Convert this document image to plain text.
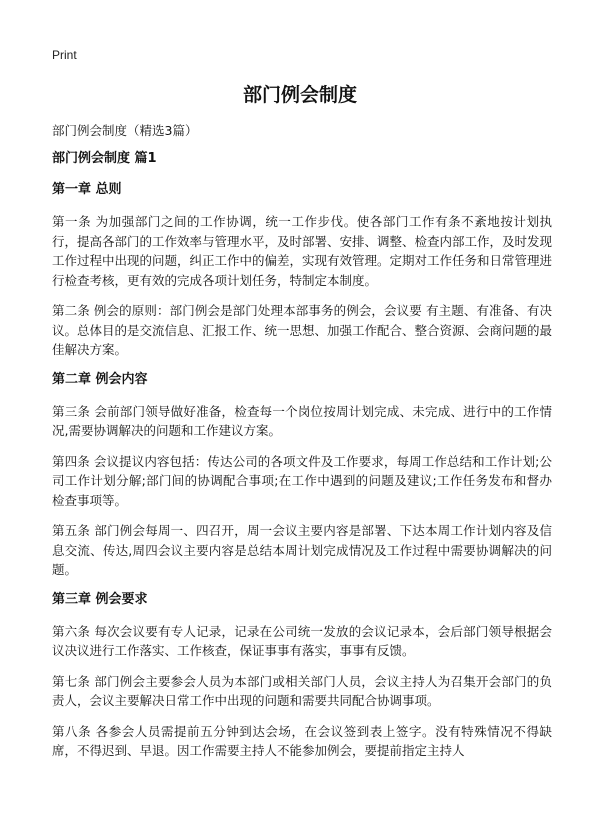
Print
部门例会制度

部门例会制度（精选3篇）

部门例会制度 篇1
第一章 总则

第一条 为加强部门之间的工作协调，统一工作步伐。使各部门工作有条不紊地按计划执行，提高各部门的工作效率与管理水平，及时部署、安排、调整、检查内部工作，及时发现工作过程中出现的问题，纠正工作中的偏差，实现有效管理。定期对工作任务和日常管理进行检查考核，更有效的完成各项计划任务，特制定本制度。

第二条 例会的原则：部门例会是部门处理本部事务的例会，会议要 有主题、有准备、有决议。总体目的是交流信息、汇报工作、统一思想、加强工作配合、整合资源、会商问题的最佳解决方案。

第二章 例会内容

第三条 会前部门领导做好准备，检查每一个岗位按周计划完成、未完成、进行中的工作情况,需要协调解决的问题和工作建议方案。

第四条 会议提议内容包括：传达公司的各项文件及工作要求，每周工作总结和工作计划;公司工作计划分解;部门间的协调配合事项;在工作中遇到的问题及建议;工作任务发布和督办检查事项等。

第五条 部门例会每周一、四召开，周一会议主要内容是部署、下达本周工作计划内容及信息交流、传达,周四会议主要内容是总结本周计划完成情况及工作过程中需要协调解决的问题。

第三章 例会要求

第六条 每次会议要有专人记录，记录在公司统一发放的会议记录本，会后部门领导根据会议决议进行工作落实、工作核查，保证事事有落实，事事有反馈。

第七条 部门例会主要参会人员为本部门或相关部门人员，会议主持人为召集开会部门的负责人，会议主要解决日常工作中出现的问题和需要共同配合协调事项。

第八条 各参会人员需提前五分钟到达会场，在会议签到表上签字。没有特殊情况不得缺席，不得迟到、早退。因工作需要主持人不能参加例会，要提前指定主持人
